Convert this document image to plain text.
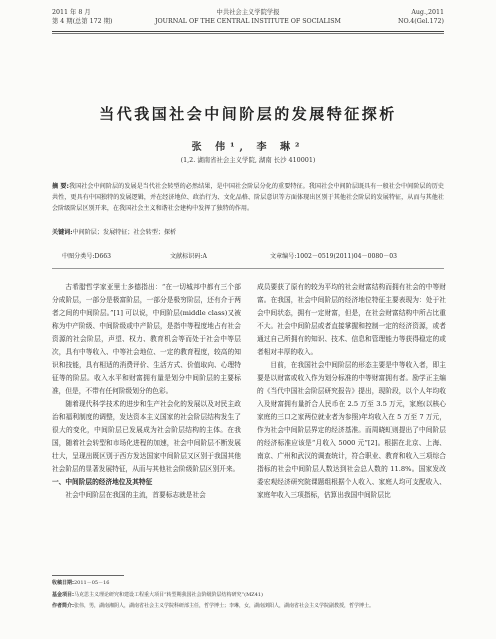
2011 年 8 月
第 4 期(总第 172 期)
中共社会主义学院学报
JOURNAL OF THE CENTRAL INSTITUTE OF SOCIALISM
Aug.,2011
NO.4(Gel.172)
当代我国社会中间阶层的发展特征探析
张 伟¹, 李 琳²
(1,2. 湖南省社会主义学院, 湖南 长沙 410001)
摘 要:我国社会中间阶层的发展是当代社会转型的必然结果，是中国社会阶层分化的重要特征。我国社会中间阶层既具有一般社会中间阶层的历史共性，更具有中国独特的发展逻辑，并在经济地位、政治行为、文化品格、阶层意识等方面体现出区别于其他社会阶层的发展特征，从而与其他社会阶级阶层区别开来，在我国社会主义和谐社会建构中发挥了独特的作用。
关键词:中间阶层；发展特征；社会转型；探析
中图分类号:D663	文献标识码:A	文章编号:1002－0519(2011)04－0080－03

古希腊哲学家亚里士多德指出：“在一切城邦中都有三个部分成阶层，一部分是极富阶层，一部分是极穷阶层，还有介于两者之间的中间阶层。”[1] 可以说，中间阶层(middle class)又被称为中产阶级、中间阶级或中产阶层，是指中等程度地占有社会资源的社会阶层，声望、权力、教育机会等而处于社会中等层次，具有中等收入、中等社会地位、一定的教育程度，较高的知识和技能，具有相适的消费评价、生活方式、价值取向、心理特征等的阶层。收入水平和财富拥有量是划分中间阶层的主要标准，但是，不带有任何阶级划分的色彩。

随着现代科学技术的进步和生产社会化的发展以及对民主政治和福利制度的调整，发达资本主义国家的社会阶层结构发生了很大的变化，中间阶层已发展成为社会阶层结构的主体。在我国，随着社会转型和市场化进程的加速，社会中间阶层不断发展壮大，呈现出既区别于西方发达国家中间阶层又区别于我国其他社会阶层的显著发展特征，从而与其他社会阶级阶层区别开来。

一、中间阶层的经济地位及其特征

社会中间阶层在我国的主流，首要标志就是社会

成员要获了原有的较为平均的社会财富结构而拥有社会的中等财富。在我国，社会中间阶层的经济地位特征主要表现为：处于社会中间状态，拥有一定财富，但是，在社会财富结构中所占比重不大。社会中间阶层或者直接掌握和控制一定的经济资源，或者通过自己所拥有的知识、技术、信息和管理能力等获得稳定的或者相对丰厚的收入。

目前，在我国社会中间阶层的形态主要是中等收入者，即主要是以财富或收入作为划分标准的中等财富拥有者。励学正主编的《当代中国社会阶层研究报告》提出，现阶段，以个人年均收入及财富拥有量折合人民币在 2.5 万至 3.5 万元，家庭(以核心家庭的三口之家两位就业者为参照)年均收入在 5 万至 7 万元，作为社会中间阶层界定的经济基准。而周晓虹则提出了中间阶层的经济标准应该是“月收入 5000 元”[2]。根据在北京、上海、南京、广州和武汉的调查统计，符合职业、教育和收入三项综合指标的社会中间阶层人数达到社会总人数的 11.8%。国家发改委宏观经济研究院课题组根据个人收入、家庭人均可支配收入、家庭年收入三项指标，估算出我国中间阶层比

收稿日期:2011－05－16
基金项目:马克思主义理论研究和建设工程重大项目“转型期我国社会阶级阶层结构研究”(MZ41)
作者简介:张伟，男，湖南湘阴人，湖南省社会主义学院科研部主任，哲学博士；李琳，女，湖南浏阳人，湖南省社会主义学院副教授，哲学博士。
